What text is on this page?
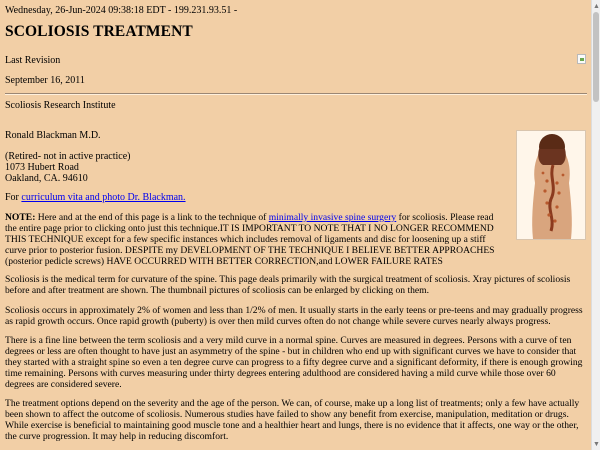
Wednesday, 26-Jun-2024 09:38:18 EDT - 199.231.93.51 -
SCOLIOSIS TREATMENT
Last Revision
September 16, 2011
Scoliosis Research Institute
Ronald Blackman M.D.
(Retired- not in active practice)
1073 Hubert Road
Oakland, CA. 94610
For curriculum vita and photo Dr. Blackman.
NOTE: Here and at the end of this page is a link to the technique of minimally invasive spine surgery for scoliosis. Please read the entire page prior to clicking onto just this technique.IT IS IMPORTANT TO NOTE THAT I NO LONGER RECOMMEND THIS TECHNIQUE except for a few specific instances which includes removal of ligaments and disc for loosening up a stiff curve prior to posterior fusion. DESPITE my DEVELOPMENT OF THE TECHNIQUE I BELIEVE BETTER APPROACHES (posterior pedicle screws) HAVE OCCURRED WITH BETTER CORRECTION,and LOWER FAILURE RATES
Scoliosis is the medical term for curvature of the spine. This page deals primarily with the surgical treatment of scoliosis. Xray pictures of scoliosis before and after treatment are shown. The thumbnail pictures of scoliosis can be enlarged by clicking on them.
Scoliosis occurs in approximately 2% of women and less than 1/2% of men. It usually starts in the early teens or pre-teens and may gradually progress as rapid growth occurs. Once rapid growth (puberty) is over then mild curves often do not change while severe curves nearly always progress.
There is a fine line between the term scoliosis and a very mild curve in a normal spine. Curves are measured in degrees. Persons with a curve of ten degrees or less are often thought to have just an asymmetry of the spine - but in children who end up with significant curves we have to consider that they started with a straight spine so even a ten degree curve can progress to a fifty degree curve and a significant deformity, if there is enough growing time remaining. Persons with curves measuring under thirty degrees entering adulthood are considered having a mild curve while those over 60 degrees are considered severe.
The treatment options depend on the severity and the age of the person. We can, of course, make up a long list of treatments; only a few have actually been shown to affect the outcome of scoliosis. Numerous studies have failed to show any benefit from exercise, manipulation, meditation or drugs. While exercise is beneficial to maintaining good muscle tone and a healthier heart and lungs, there is no evidence that it affects, one way or the other, the curve progression. It may help in reducing discomfort.
▲
▼
